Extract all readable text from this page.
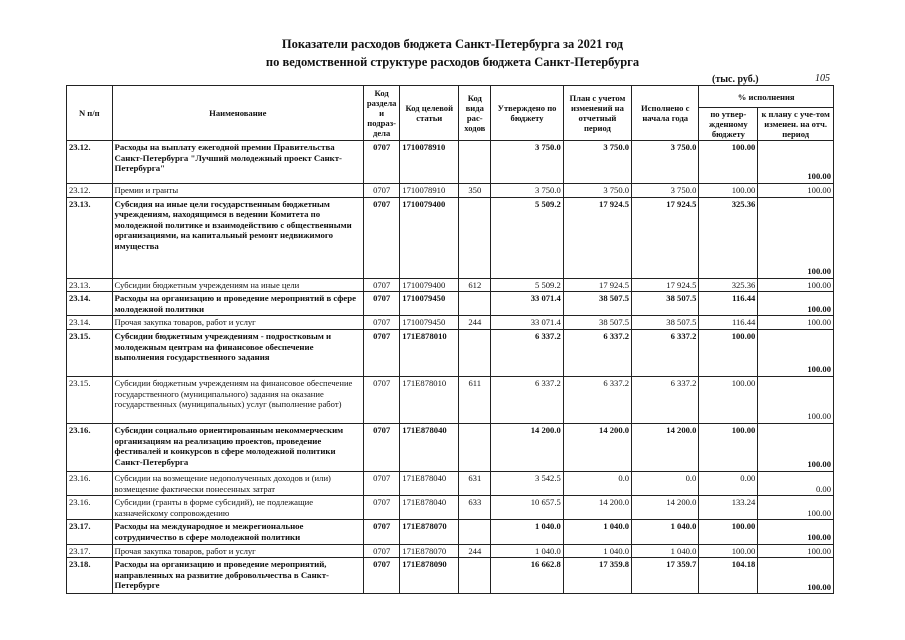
Показатели расходов бюджета Санкт-Петербурга за 2021 год
по ведомственной структуре расходов бюджета Санкт-Петербурга
(тыс. руб.)	105
N п/п	Наименование	Код раздела и подраз-дела	Код целевой статьи	Код вида рас-ходов	Утверждено по бюджету	План с учетом изменений на отчетный период	Исполнено с начала года	% исполнения	
								по утвер-жденному бюджету	к плану с уче-том изменен. на отч. период
23.12.	Расходы на выплату ежегодной премии Правительства Санкт-Петербурга "Лучший молодежный проект Санкт-Петербурга"	0707	1710078910		3 750.0	3 750.0	3 750.0	100.00	100.00
23.12.	Премии и гранты	0707	1710078910	350	3 750.0	3 750.0	3 750.0	100.00	100.00
23.13.	Субсидия на иные цели государственным бюджетным учреждениям, находящимся в ведении Комитета по молодежной политике и взаимодействию с общественными организациями, на капитальный ремонт недвижимого имущества	0707	1710079400		5 509.2	17 924.5	17 924.5	325.36	100.00
23.13.	Субсидии бюджетным учреждениям на иные цели	0707	1710079400	612	5 509.2	17 924.5	17 924.5	325.36	100.00
23.14.	Расходы на организацию и проведение мероприятий в сфере молодежной политики	0707	1710079450		33 071.4	38 507.5	38 507.5	116.44	100.00
23.14.	Прочая закупка товаров, работ и услуг	0707	1710079450	244	33 071.4	38 507.5	38 507.5	116.44	100.00
23.15.	Субсидии бюджетным учреждениям - подростковым и молодежным центрам на финансовое обеспечение выполнения государственного задания	0707	171E878010		6 337.2	6 337.2	6 337.2	100.00	100.00
23.15.	Субсидии бюджетным учреждениям на финансовое обеспечение государственного (муниципального) задания на оказание государственных (муниципальных) услуг (выполнение работ)	0707	171E878010	611	6 337.2	6 337.2	6 337.2	100.00	100.00
23.16.	Субсидии социально ориентированным некоммерческим организациям на реализацию проектов, проведение фестивалей и конкурсов в сфере молодежной политики Санкт-Петербурга	0707	171E878040		14 200.0	14 200.0	14 200.0	100.00	100.00
23.16.	Субсидии на возмещение недополученных доходов и (или) возмещение фактически понесенных затрат	0707	171E878040	631	3 542.5	0.0	0.0	0.00	0.00
23.16.	Субсидии (гранты в форме субсидий), не подлежащие казначейскому сопровождению	0707	171E878040	633	10 657.5	14 200.0	14 200.0	133.24	100.00
23.17.	Расходы на международное и межрегиональное сотрудничество в сфере молодежной политики	0707	171E878070		1 040.0	1 040.0	1 040.0	100.00	100.00
23.17.	Прочая закупка товаров, работ и услуг	0707	171E878070	244	1 040.0	1 040.0	1 040.0	100.00	100.00
23.18.	Расходы на организацию и проведение мероприятий, направленных на развитие добровольчества в Санкт-Петербурге	0707	171E878090		16 662.8	17 359.8	17 359.7	104.18	100.00
